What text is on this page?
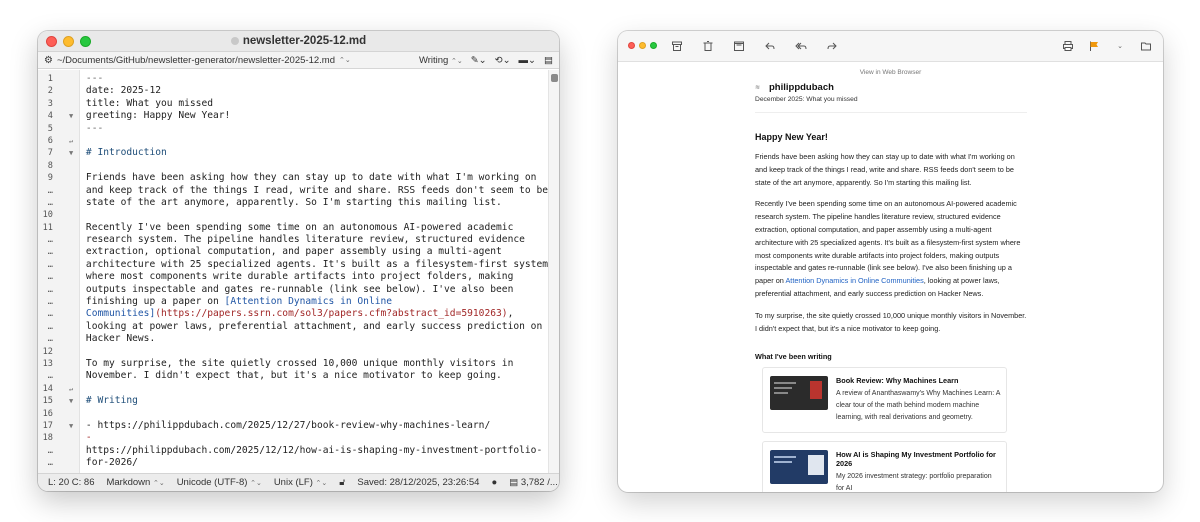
newsletter-2025-12.md
⚙ ~/Documents/GitHub/newsletter-generator/newsletter-2025-12.md ⌃⌄	Writing ⌃⌄ ✎⌄ ⟲⌄ ▬⌄ ▤
1
2
3
4 ▼
5
6 ↵
7 ▼
8
9
…
…
10
11
…
…
…
…
…
…
…
…
…
12
13
…
14 ↵
15 ▼
16
17 ▼
18
…
…
---
date: 2025-12
title: What you missed
greeting: Happy New Year!
---
# Introduction
Friends have been asking how they can stay up to date with what I'm working on
and keep track of the things I read, write and share. RSS feeds don't seem to be
state of the art anymore, apparently. So I'm starting this mailing list.
Recently I've been spending some time on an autonomous AI-powered academic
research system. The pipeline handles literature review, structured evidence
extraction, optional computation, and paper assembly using a multi-agent
architecture with 25 specialized agents. It's built as a filesystem-first system
where most components write durable artifacts into project folders, making
outputs inspectable and gates re-runnable (link see below). I've also been
finishing up a paper on [Attention Dynamics in Online
Communities](https://papers.ssrn.com/sol3/papers.cfm?abstract_id=5910263),
looking at power laws, preferential attachment, and early success prediction on
Hacker News.
To my surprise, the site quietly crossed 10,000 unique monthly visitors in
November. I didn't expect that, but it's a nice motivator to keep going.
# Writing
- https://philippdubach.com/2025/12/27/book-review-why-machines-learn/
-
https://philippdubach.com/2025/12/12/how-ai-is-shaping-my-investment-portfolio-
for-2026/
L: 20 C: 86 Markdown ⌃⌄ Unicode (UTF-8) ⌃⌄ Unix (LF) ⌃⌄ 🔓︎ Saved: 28/12/2025, 23:26:54 ● ▤ 3,782 /...
⌄
View in Web Browser
≋ philippdubach
December 2025: What you missed
Happy New Year!
Friends have been asking how they can stay up to date with what I'm working on and keep track of the things I read, write and share. RSS feeds don't seem to be state of the art anymore, apparently. So I'm starting this mailing list.
Recently I've been spending some time on an autonomous AI-powered academic research system. The pipeline handles literature review, structured evidence extraction, optional computation, and paper assembly using a multi-agent architecture with 25 specialized agents. It's built as a filesystem-first system where most components write durable artifacts into project folders, making outputs inspectable and gates re-runnable (link see below). I've also been finishing up a paper on Attention Dynamics in Online Communities, looking at power laws, preferential attachment, and early success prediction on Hacker News.
To my surprise, the site quietly crossed 10,000 unique monthly visitors in November. I didn't expect that, but it's a nice motivator to keep going.
What I've been writing
Book Review: Why Machines Learn
A review of Ananthaswamy's Why Machines Learn: A clear tour of the math behind modern machine learning, with real derivations and geometry.
How AI is Shaping My Investment Portfolio for 2026
My 2026 investment strategy: portfolio preparation for AI
